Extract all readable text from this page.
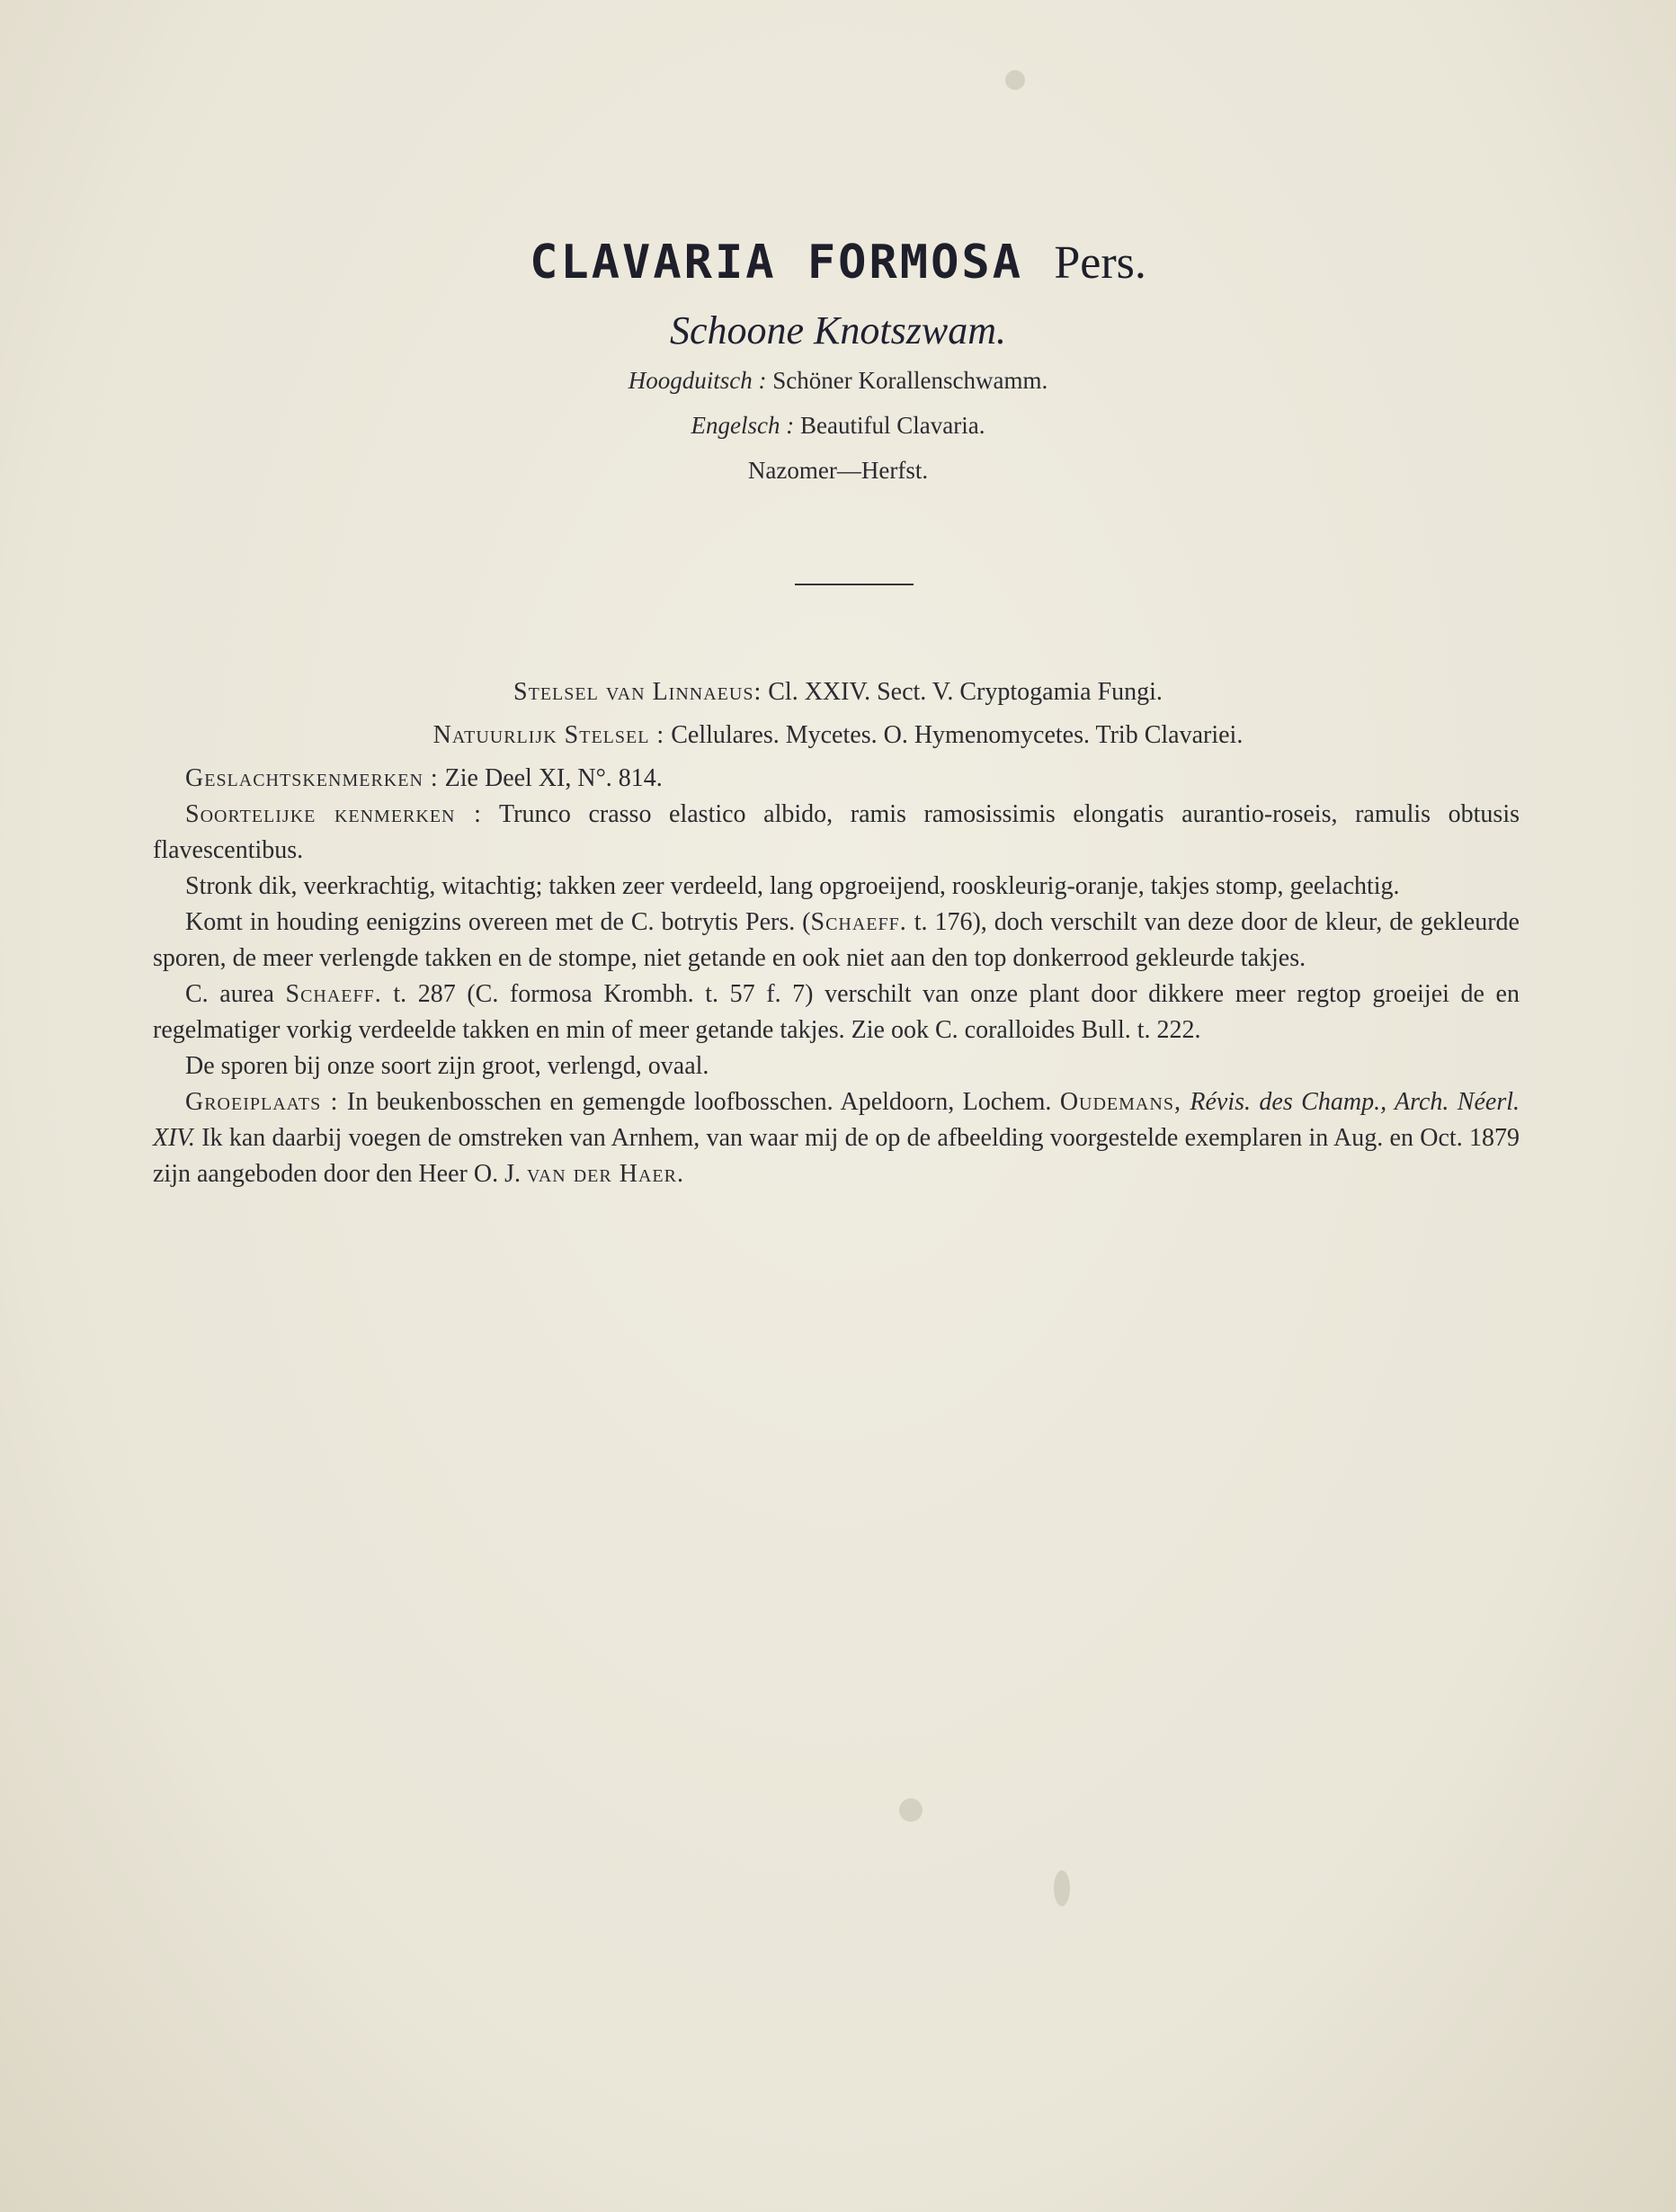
CLAVARIA FORMOSA Pers.
Schoone Knotszwam.
Hoogduitsch : Schöner Korallenschwamm.
Engelsch : Beautiful Clavaria.
Nazomer—Herfst.
Stelsel van Linnaeus: Cl. XXIV. Sect. V. Cryptogamia Fungi.
Natuurlijk Stelsel : Cellulares. Mycetes. O. Hymenomycetes. Trib Clavariei.

Geslachtskenmerken : Zie Deel XI, N°. 814.

Soortelijke kenmerken : Trunco crasso elastico albido, ramis ramosissimis elongatis aurantio-roseis, ramulis obtusis flavescentibus.

Stronk dik, veerkrachtig, witachtig; takken zeer verdeeld, lang opgroeijend, rooskleurig-oranje, takjes stomp, geelachtig.

Komt in houding eenigzins overeen met de C. botrytis Pers. (Schaeff. t. 176), doch verschilt van deze door de kleur, de gekleurde sporen, de meer verlengde takken en de stompe, niet getande en ook niet aan den top donkerrood gekleurde takjes.

C. aurea Schaeff. t. 287 (C. formosa Krombh. t. 57 f. 7) verschilt van onze plant door dikkere meer regtop groeijei de en regelmatiger vorkig verdeelde takken en min of meer getande takjes. Zie ook C. coralloides Bull. t. 222.

De sporen bij onze soort zijn groot, verlengd, ovaal.

Groeiplaats : In beukenbosschen en gemengde loofbosschen. Apeldoorn, Lochem. Oudemans, Révis. des Champ., Arch. Néerl. XIV. Ik kan daarbij voegen de omstreken van Arnhem, van waar mij de op de afbeelding voorgestelde exemplaren in Aug. en Oct. 1879 zijn aangeboden door den Heer O. J. van der Haer.
